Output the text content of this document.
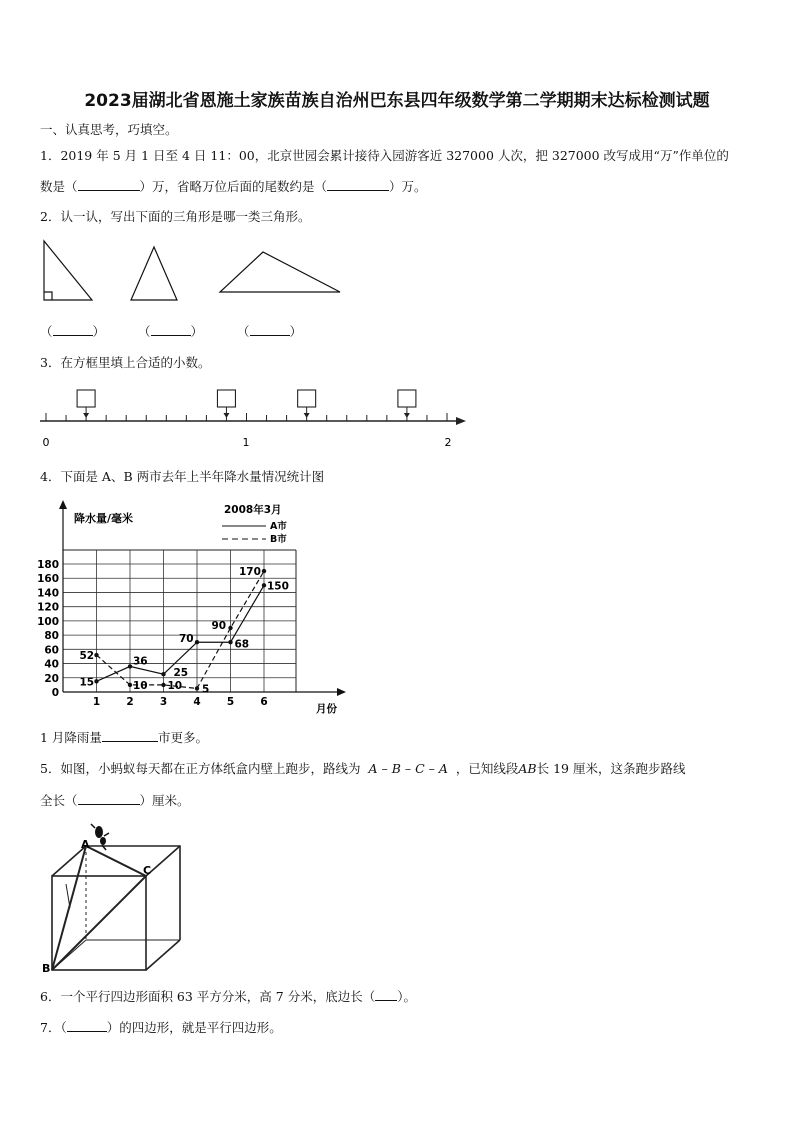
2023届湖北省恩施土家族苗族自治州巴东县四年级数学第二学期期末达标检测试题
一、认真思考，巧填空。
1．2019 年 5 月 1 日至 4 日 11：00，北京世园会累计接待入园游客近 327000 人次，把 327000 改写成用“万”作单位的
数是（	）万，省略万位后面的尾数约是（	）万。
2．认一认，写出下面的三角形是哪一类三角形。
（	）	（	）	（	）
3．在方框里填上合适的小数。
0	1	2
4．下面是 A、B 两市去年上半年降水量情况统计图
降水量/毫米
2008年3月
A市
B市
月份
0
20
40
60
80
100
120
140
160
180
1 2 3 4 5 6
15
52	36
10 10
25
5
70	68
90
170
150
1 月降雨量	市更多。
5．如图，小蚂蚁每天都在正方体纸盒内壁上跑步，路线为 A – B – C – A ，已知线段AB长 19 厘米，这条跑步路线
全长（	）厘米。
A
B
C
6．一个平行四边形面积 63 平方分米，高 7 分米，底边长（ ）。
7．（	）的四边形，就是平行四边形。
